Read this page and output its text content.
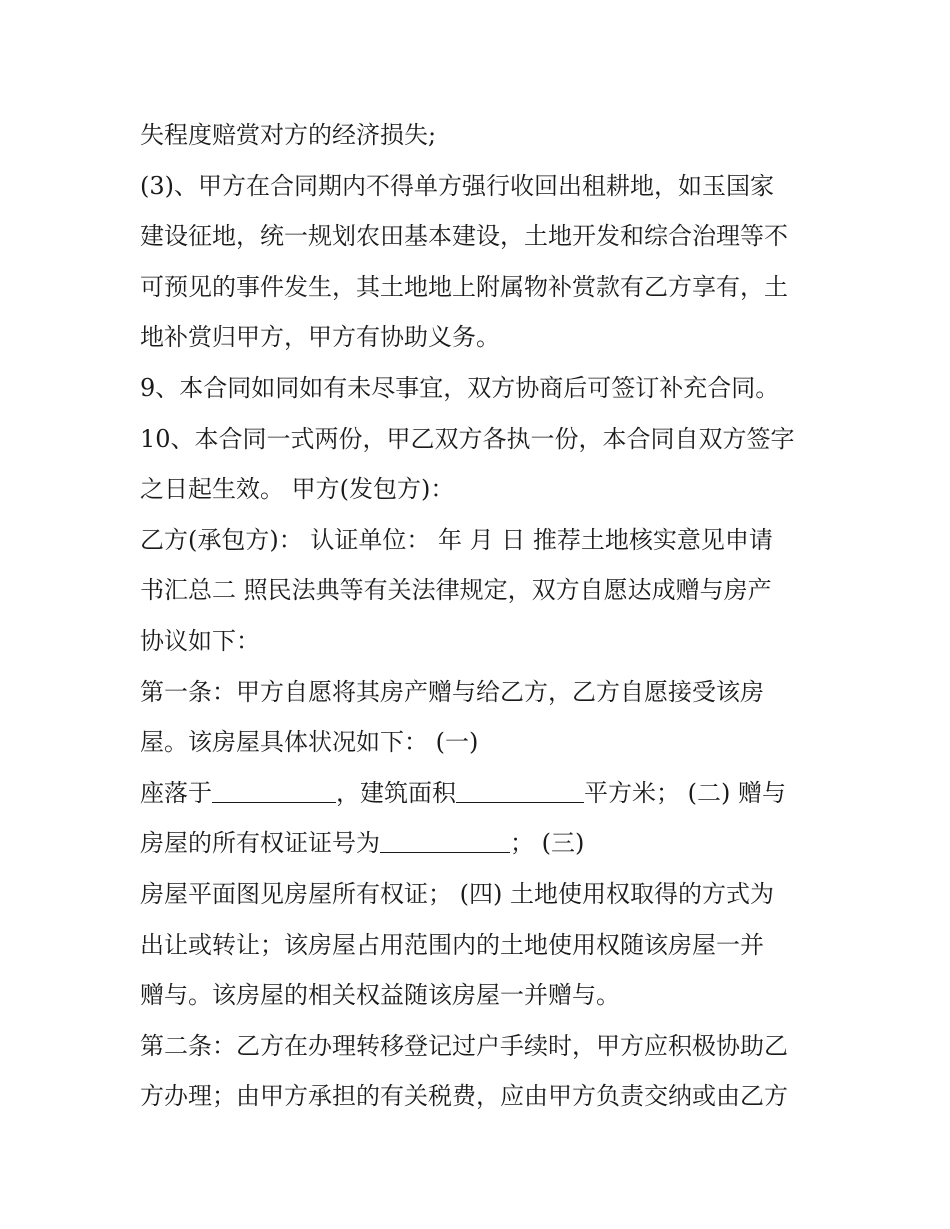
失程度赔赏对方的经济损失;
(3)、甲方在合同期内不得单方强行收回出租耕地，如玉国家
建设征地，统一规划农田基本建设，土地开发和综合治理等不
可预见的事件发生，其土地地上附属物补赏款有乙方享有，土
地补赏归甲方，甲方有协助义务。
9、本合同如同如有未尽事宜，双方协商后可签订补充合同。
10、本合同一式两份，甲乙双方各执一份，本合同自双方签字
之日起生效。 甲方(发包方)：
乙方(承包方)： 认证单位： 年 月 日 推荐土地核实意见申请
书汇总二 照民法典等有关法律规定，双方自愿达成赠与房产
协议如下：
第一条：甲方自愿将其房产赠与给乙方，乙方自愿接受该房
屋。该房屋具体状况如下： (一)
座落于	，建筑面积	平方米； (二) 赠与
房屋的所有权证证号为	； (三)
房屋平面图见房屋所有权证； (四) 土地使用权取得的方式为
出让或转让；该房屋占用范围内的土地使用权随该房屋一并
赠与。该房屋的相关权益随该房屋一并赠与。
第二条：乙方在办理转移登记过户手续时，甲方应积极协助乙
方办理；由甲方承担的有关税费，应由甲方负责交纳或由乙方
